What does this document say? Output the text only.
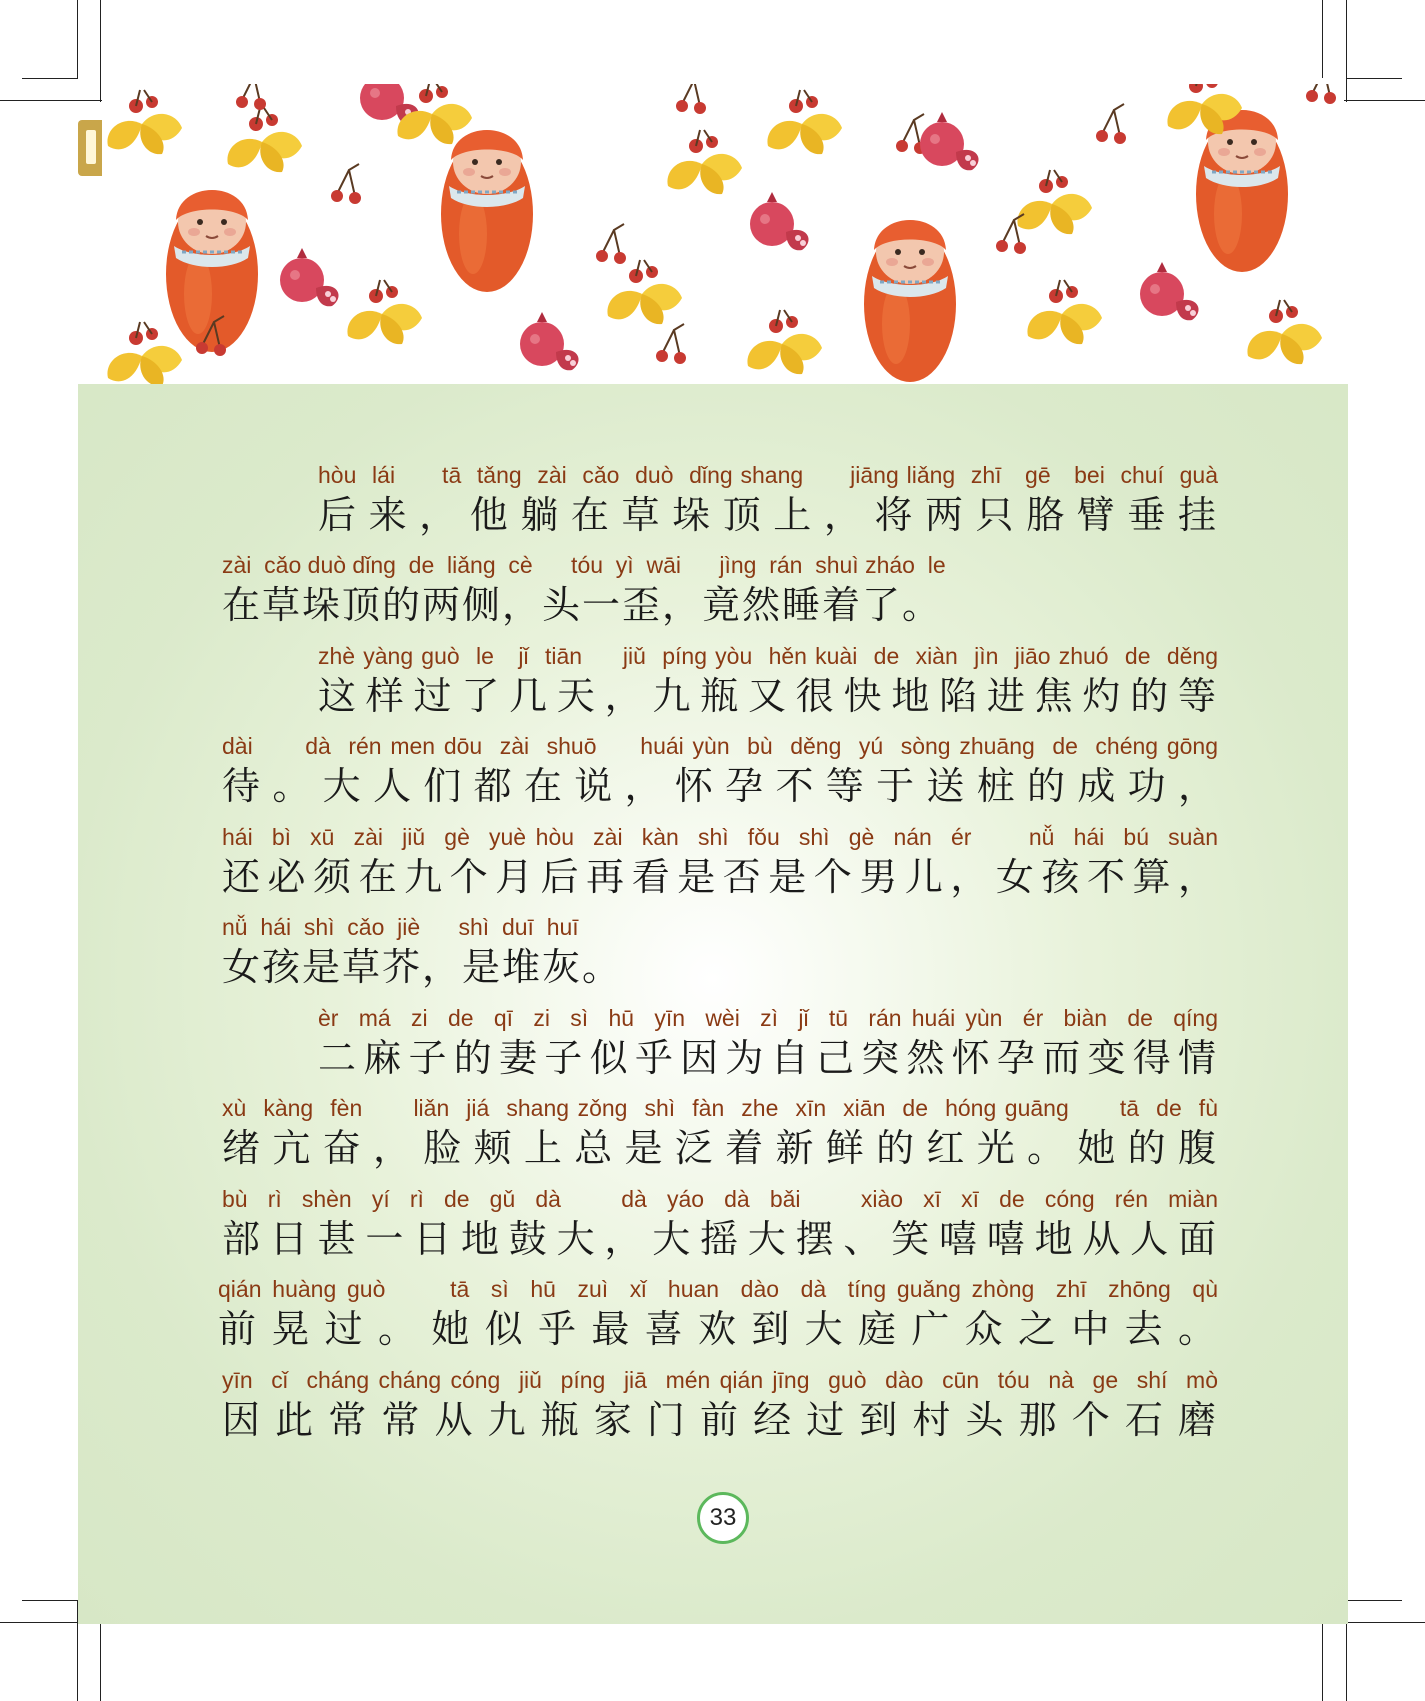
hòu  lái      tā  tǎng  zài  cǎo  duò  dǐng shang      jiāng liǎng  zhī   gē   bei  chuí  guà
后来，他躺在草垛顶上，将两只胳臂垂挂
zài  cǎo duò dǐng  de  liǎng  cè      tóu  yì  wāi      jìng  rán  shuì zháo  le
在草垛顶的两侧，头一歪，竟然睡着了。
zhè yàng guò  le   jǐ  tiān     jiǔ  píng yòu  hěn kuài  de  xiàn  jìn  jiāo zhuó  de  děng
这样过了几天，九瓶又很快地陷进焦灼的等
dài      dà  rén men dōu  zài  shuō     huái yùn  bù  děng  yú  sòng zhuāng  de  chéng gōng
待。大人们都在说，怀孕不等于送桩的成功，
hái  bì  xū  zài  jiǔ  gè  yuè hòu  zài  kàn  shì  fǒu  shì  gè  nán  ér      nǚ  hái  bú  suàn
还必须在九个月后再看是否是个男儿，女孩不算，
nǚ  hái  shì  cǎo  jiè      shì  duī  huī
女孩是草芥，是堆灰。
èr  má  zi  de  qī  zi  sì  hū  yīn  wèi  zì  jǐ  tū  rán huái yùn  ér  biàn  de  qíng
二麻子的妻子似乎因为自己突然怀孕而变得情
xù  kàng  fèn      liǎn  jiá  shang zǒng  shì  fàn  zhe  xīn  xiān  de  hóng guāng      tā  de  fù
绪亢奋，脸颊上总是泛着新鲜的红光。她的腹
bù  rì  shèn  yí  rì  de  gǔ  dà      dà  yáo  dà  bǎi      xiào  xī  xī  de  cóng  rén  miàn
部日甚一日地鼓大，大摇大摆、笑嘻嘻地从人面
qián huàng guò      tā  sì  hū  zuì  xǐ  huan  dào  dà  tíng guǎng zhòng  zhī  zhōng  qù
前晃过。她似乎最喜欢到大庭广众之中去。
yīn  cǐ  cháng cháng cóng  jiǔ  píng  jiā  mén qián jīng  guò  dào  cūn  tóu  nà  ge  shí  mò
因此常常从九瓶家门前经过到村头那个石磨
33
